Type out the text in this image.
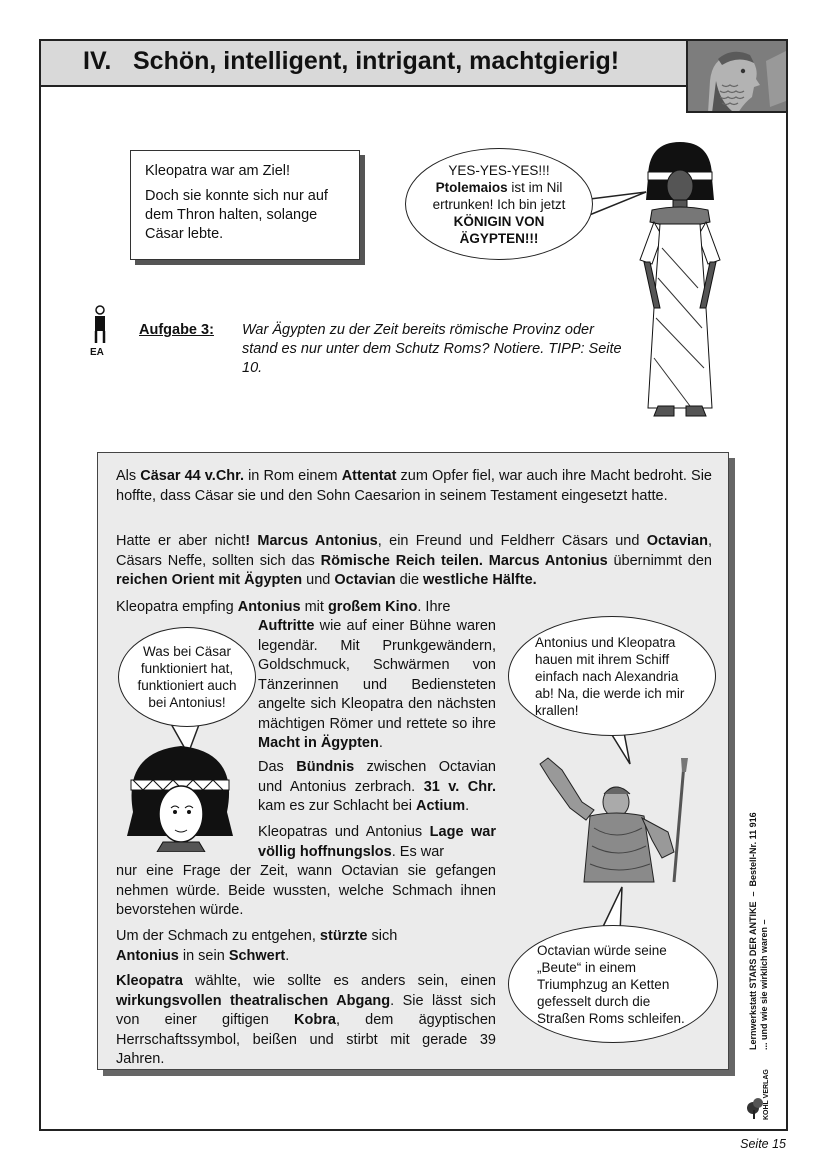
IV. Schön, intelligent, intrigant, machtgierig!

Kleopatra war am Ziel!

Doch sie konnte sich nur auf dem Thron halten, solange Cäsar lebte.

YES-YES-YES!!!
Ptolemaios ist im Nil ertrunken! Ich bin jetzt KÖNIGIN VON ÄGYPTEN!!!
EA
Aufgabe 3: War Ägypten zu der Zeit bereits römische Provinz oder stand es nur unter dem Schutz Roms? Notiere. TIPP: Seite 10.

Als Cäsar 44 v.Chr. in Rom einem Attentat zum Opfer fiel, war auch ihre Macht bedroht. Sie hoffte, dass Cäsar sie und den Sohn Caesarion in seinem Testament eingesetzt hatte.

Hatte er aber nicht! Marcus Antonius, ein Freund und Feldherr Cäsars und Octavian, Cäsars Neffe, sollten sich das Römische Reich teilen. Marcus Antonius übernimmt den reichen Orient mit Ägypten und Octavian die westliche Hälfte.

Kleopatra empfing Antonius mit großem Kino. Ihre

Auftritte wie auf einer Bühne waren legendär. Mit Prunkgewändern, Goldschmuck, Schwärmen von Tänzerinnen und Bediensteten angelte sich Kleopatra den nächsten mächtigen Römer und rettete so ihre Macht in Ägypten.

Das Bündnis zwischen Octavian und Antonius zerbrach. 31 v. Chr. kam es zur Schlacht bei Actium.

Kleopatras und Antonius Lage war völlig hoffnungslos. Es war

nur eine Frage der Zeit, wann Octavian sie gefangen nehmen würde. Beide wussten, welche Schmach ihnen bevorstehen würde.

Um der Schmach zu entgehen, stürzte sich Antonius in sein Schwert.

Kleopatra wählte, wie sollte es anders sein, einen wirkungsvollen theatralischen Abgang. Sie lässt sich von einer giftigen Kobra, dem ägyptischen Herrschaftssymbol, beißen und stirbt mit gerade 39 Jahren.

Was bei Cäsar funktioniert hat, funktioniert auch bei Antonius!
Antonius und Kleopatra hauen mit ihrem Schiff einfach nach Alexandria ab! Na, die werde ich mir krallen!
Octavian würde seine „Beute“ in einem Triumphzug an Ketten gefesselt durch die Straßen Roms schleifen.	Lernwerkstatt STARS DER ANTIKE  –  Bestell-Nr. 11 916
... und wie sie wirklich waren –
KOHL VERLAG
Seite 15
